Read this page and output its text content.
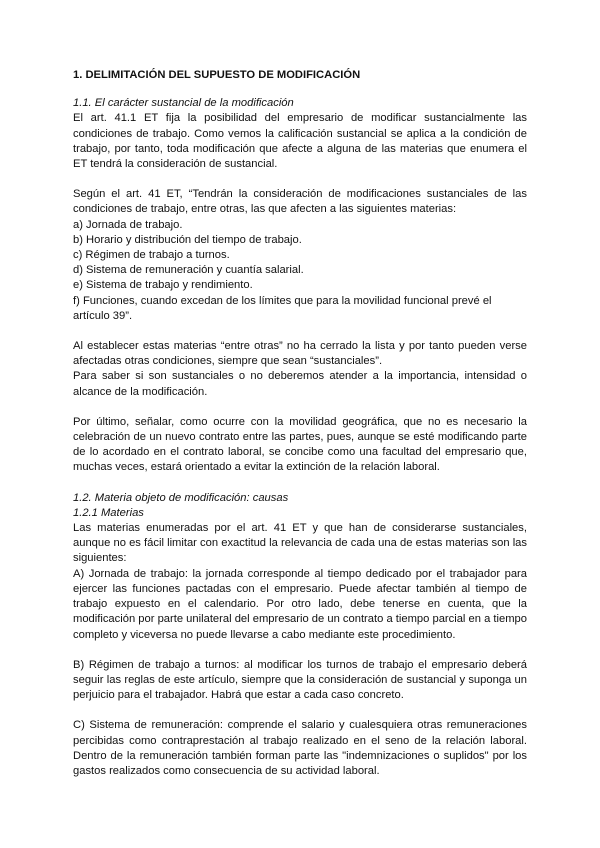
1. DELIMITACIÓN DEL SUPUESTO DE MODIFICACIÓN
1.1. El carácter sustancial de la modificación

El art. 41.1 ET fija la posibilidad del empresario de modificar sustancialmente las condiciones de trabajo. Como vemos la calificación sustancial se aplica a la condición de trabajo, por tanto, toda modificación que afecte a alguna de las materias que enumera el ET tendrá la consideración de sustancial.

Según el art. 41 ET, “Tendrán la consideración de modificaciones sustanciales de las condiciones de trabajo, entre otras, las que afecten a las siguientes materias:

a) Jornada de trabajo.
b) Horario y distribución del tiempo de trabajo.
c) Régimen de trabajo a turnos.
d) Sistema de remuneración y cuantía salarial.
e) Sistema de trabajo y rendimiento.
f) Funciones, cuando excedan de los límites que para la movilidad funcional prevé el artículo 39”.

Al establecer estas materias “entre otras” no ha cerrado la lista y por tanto pueden verse afectadas otras condiciones, siempre que sean “sustanciales”.

Para saber si son sustanciales o no deberemos atender a la importancia, intensidad o alcance de la modificación.

Por último, señalar, como ocurre con la movilidad geográfica, que no es necesario la celebración de un nuevo contrato entre las partes, pues, aunque se esté modificando parte de lo acordado en el contrato laboral, se concibe como una facultad del empresario que, muchas veces, estará orientado a evitar la extinción de la relación laboral.

1.2. Materia objeto de modificación: causas
1.2.1 Materias

Las materias enumeradas por el art. 41 ET y que han de considerarse sustanciales, aunque no es fácil limitar con exactitud la relevancia de cada una de estas materias son las siguientes:

A) Jornada de trabajo: la jornada corresponde al tiempo dedicado por el trabajador para ejercer las funciones pactadas con el empresario. Puede afectar también al tiempo de trabajo expuesto en el calendario. Por otro lado, debe tenerse en cuenta, que la modificación por parte unilateral del empresario de un contrato a tiempo parcial en a tiempo completo y viceversa no puede llevarse a cabo mediante este procedimiento.

B) Régimen de trabajo a turnos: al modificar los turnos de trabajo el empresario deberá seguir las reglas de este artículo, siempre que la consideración de sustancial y suponga un perjuicio para el trabajador. Habrá que estar a cada caso concreto.

C) Sistema de remuneración: comprende el salario y cualesquiera otras remuneraciones percibidas como contraprestación al trabajo realizado en el seno de la relación laboral. Dentro de la remuneración también forman parte las "indemnizaciones o suplidos" por los gastos realizados como consecuencia de su actividad laboral.
